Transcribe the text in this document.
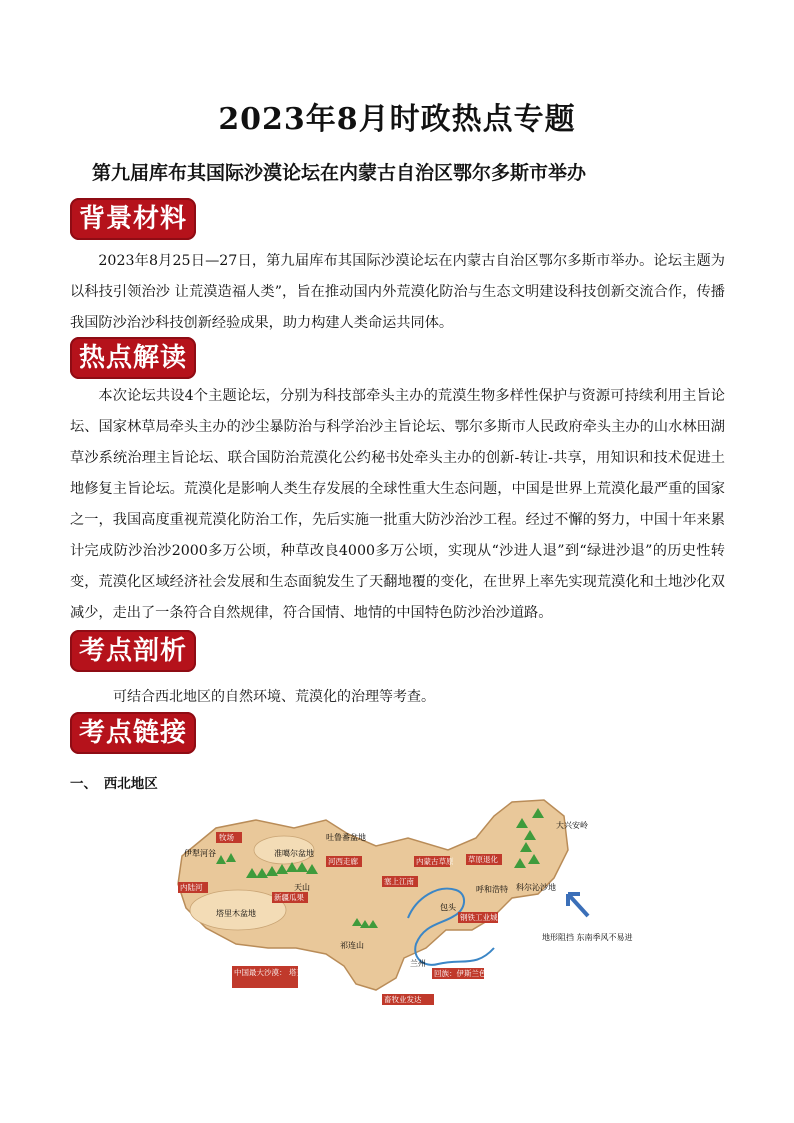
2023年8月时政热点专题
第九届库布其国际沙漠论坛在内蒙古自治区鄂尔多斯市举办
背景材料
2023年8月25日—27日，第九届库布其国际沙漠论坛在内蒙古自治区鄂尔多斯市举办。论坛主题为以科技引领治沙 让荒漠造福人类”，旨在推动国内外荒漠化防治与生态文明建设科技创新交流合作，传播我国防沙治沙科技创新经验成果，助力构建人类命运共同体。
热点解读
本次论坛共设4个主题论坛，分别为科技部牵头主办的荒漠生物多样性保护与资源可持续利用主旨论坛、国家林草局牵头主办的沙尘暴防治与科学治沙主旨论坛、鄂尔多斯市人民政府牵头主办的山水林田湖草沙系统治理主旨论坛、联合国防治荒漠化公约秘书处牵头主办的创新-转让-共享，用知识和技术促进土地修复主旨论坛。荒漠化是影响人类生存发展的全球性重大生态问题，中国是世界上荒漠化最严重的国家之一，我国高度重视荒漠化防治工作，先后实施一批重大防沙治沙工程。经过不懈的努力，中国十年来累计完成防沙治沙2000多万公顷，种草改良4000多万公顷，实现从“沙进人退”到“绿进沙退”的历史性转变，荒漠化区域经济社会发展和生态面貌发生了天翻地覆的变化，在世界上率先实现荒漠化和土地沙化双减少，走出了一条符合自然规律，符合国情、地情的中国特色防沙治沙道路。
考点剖析
可结合西北地区的自然环境、荒漠化的治理等考查。
考点链接
一、　西北地区
吐鲁番盆地
准噶尔盆地
伊犁河谷
塔里木盆地
天山
祁连山
大兴安岭
呼和浩特
兰州
包头
科尔沁沙地
地形阻挡 东南季风不易进
牧场
内陆河
新疆瓜果
河西走廊
塞上江南
内蒙古草原 草原退化
钢铁工业城
回族：伊斯兰色彩
畜牧业发达
中国最大沙漠： 塔克拉玛干沙漠
